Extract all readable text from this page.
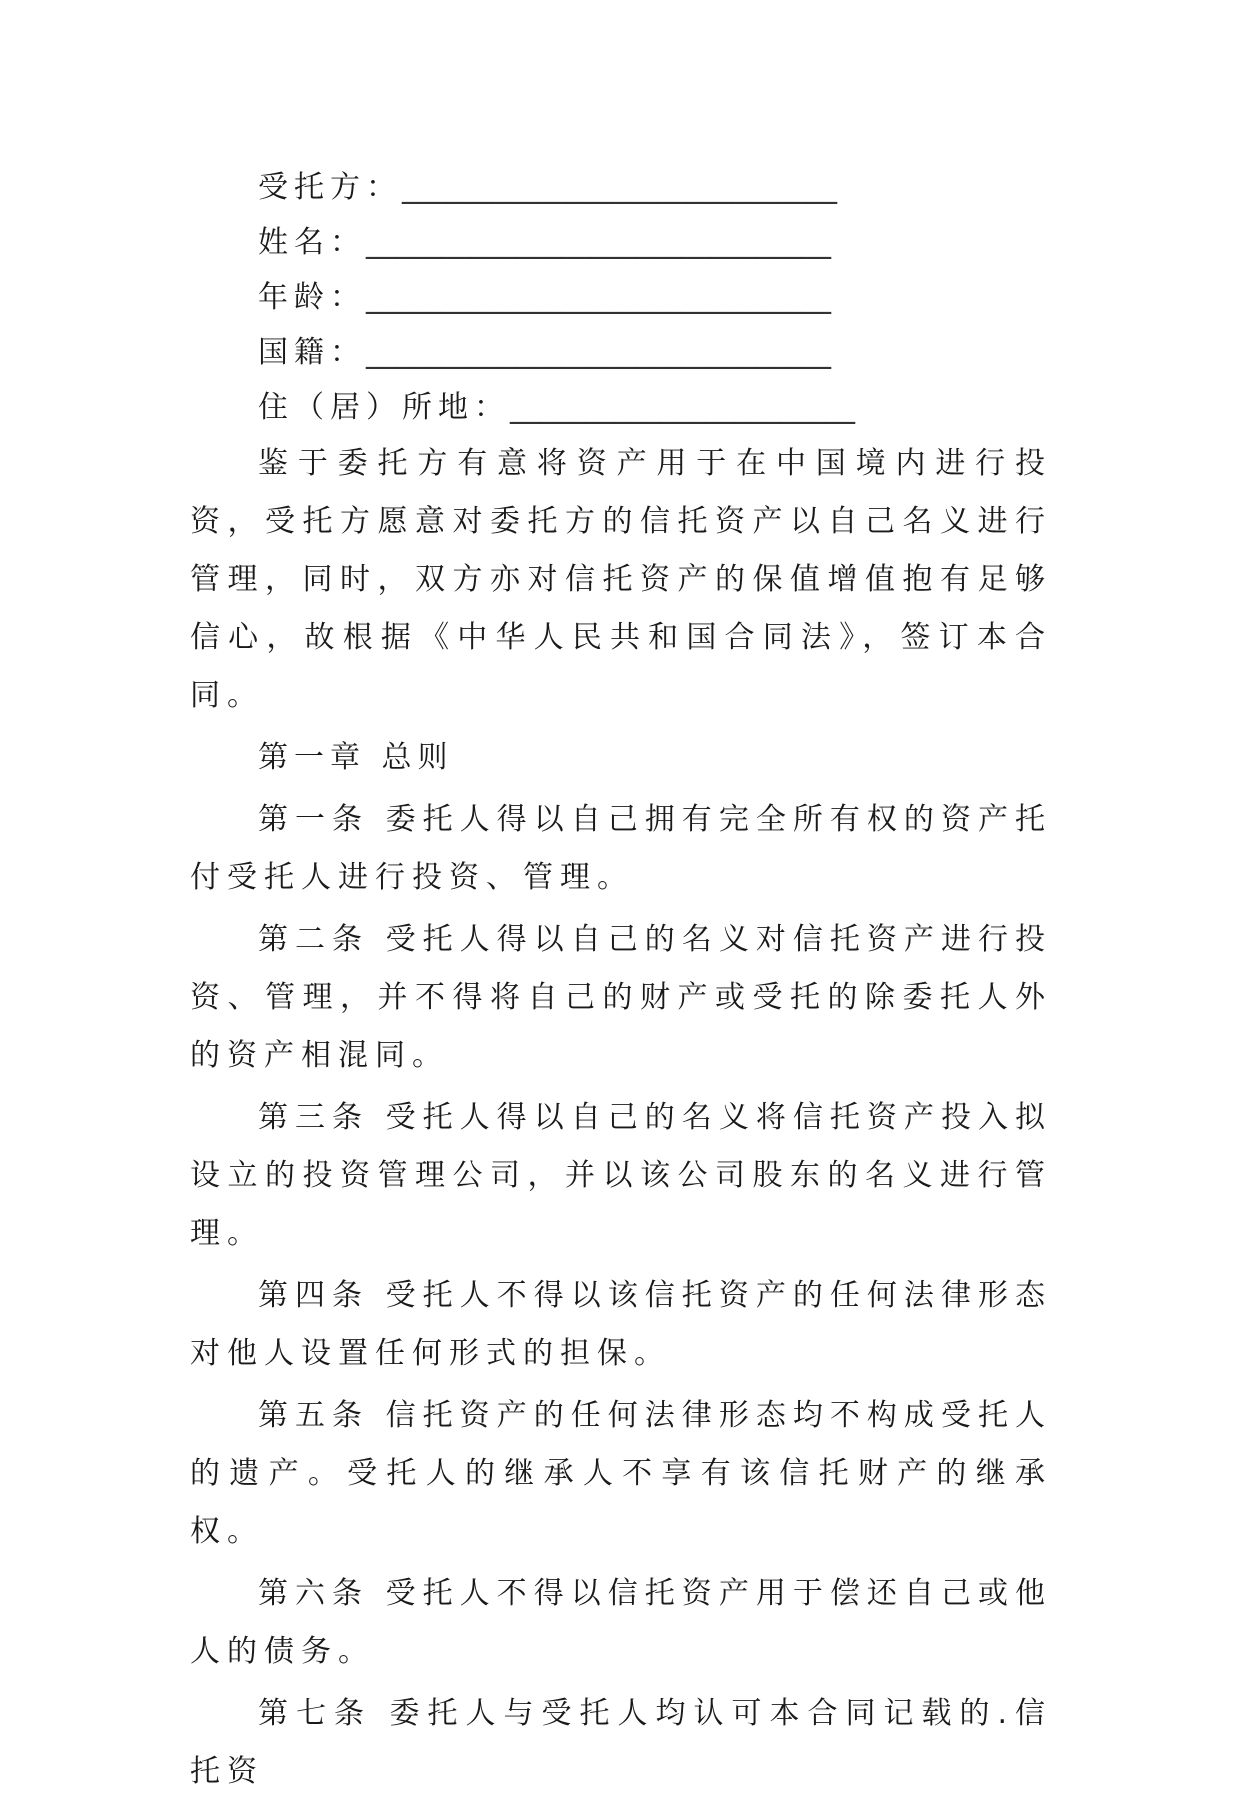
受托方：_____________________________
姓名：_______________________________
年龄：_______________________________
国籍：_______________________________
住（居）所地：_______________________

鉴于委托方有意将资产用于在中国境内进行投资，受托方愿意对委托方的信托资产以自己名义进行管理，同时，双方亦对信托资产的保值增值抱有足够信心，故根据《中华人民共和国合同法》，签订本合同。

第一章 总则

第一条 委托人得以自己拥有完全所有权的资产托付受托人进行投资、管理。

第二条 受托人得以自己的名义对信托资产进行投资、管理，并不得将自己的财产或受托的除委托人外的资产相混同。

第三条 受托人得以自己的名义将信托资产投入拟设立的投资管理公司，并以该公司股东的名义进行管理。

第四条 受托人不得以该信托资产的任何法律形态对他人设置任何形式的担保。

第五条 信托资产的任何法律形态均不构成受托人的遗产。受托人的继承人不享有该信托财产的继承权。

第六条 受托人不得以信托资产用于偿还自己或他人的债务。

第七条 委托人与受托人均认可本合同记载的.信托资
